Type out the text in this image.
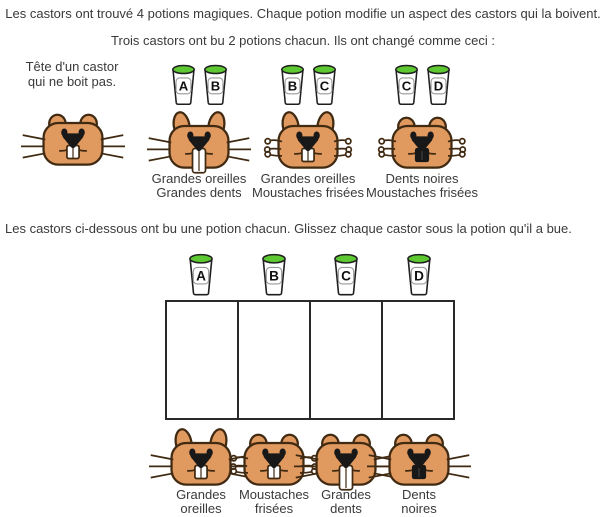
Les castors ont trouvé 4 potions magiques. Chaque potion modifie un aspect des castors qui la boivent.
Trois castors ont bu 2 potions chacun. Ils ont changé comme ceci :
Tête d'un castor qui ne boit pas.	A B
Grandes oreilles
Grandes dents
B C
Grandes oreilles
Moustaches frisées
C D
Dents noires
Moustaches frisées
Les castors ci-dessous ont bu une potion chacun. Glissez chaque castor sous la potion qu'il a bue.
A	B	C	D
Grandes
oreilles
Moustaches
frisées
Grandes
dents
Dents
noires
